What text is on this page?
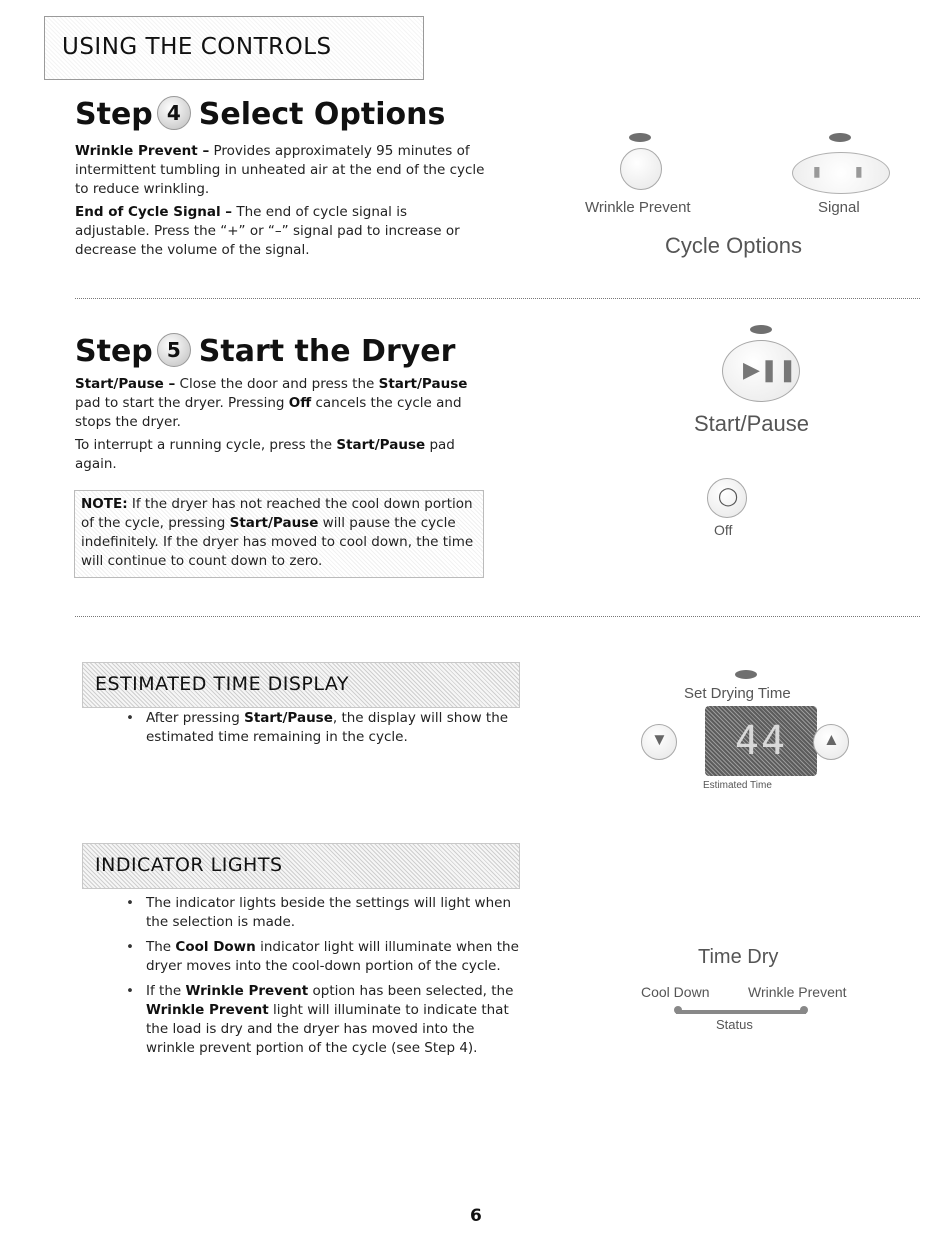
USING THE CONTROLS
Step 4 Select Options

Wrinkle Prevent – Provides approximately 95 minutes of intermittent tumbling in unheated air at the end of the cycle to reduce wrinkling.

End of Cycle Signal – The end of cycle signal is adjustable. Press the “+” or “–” signal pad to increase or decrease the volume of the signal.

Wrinkle Prevent
▮ ▮
Signal
Cycle Options
Step 5 Start the Dryer

Start/Pause – Close the door and press the Start/Pause pad to start the dryer. Pressing Off cancels the cycle and stops the dryer.

To interrupt a running cycle, press the Start/Pause pad again.

NOTE: If the dryer has not reached the cool down portion of the cycle, pressing Start/Pause will pause the cycle indefinitely. If the dryer has moved to cool down, the time will continue to count down to zero.
▶❚❚
Start/Pause
◯
Off
ESTIMATED TIME DISPLAY
• After pressing Start/Pause, the display will show the estimated time remaining in the cycle.
Set Drying Time
▼	44	▲
Estimated Time
INDICATOR LIGHTS
• The indicator lights beside the settings will light when the selection is made.
• The Cool Down indicator light will illuminate when the dryer moves into the cool-down portion of the cycle.
• If the Wrinkle Prevent option has been selected, the Wrinkle Prevent light will illuminate to indicate that the load is dry and the dryer has moved into the wrinkle prevent portion of the cycle (see Step 4).
Time Dry
Cool Down	Wrinkle Prevent
Status
6
